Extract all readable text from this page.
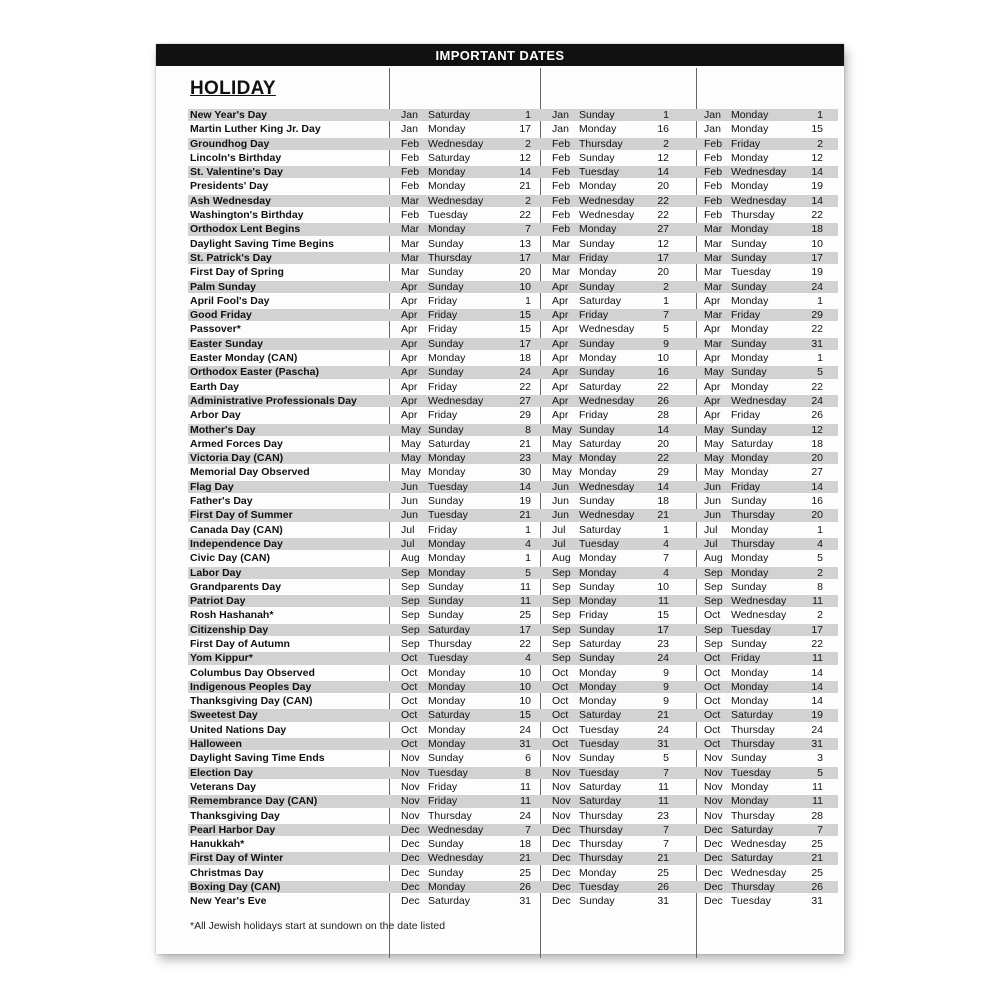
IMPORTANT DATES
HOLIDAY
New Year's Day	Jan Saturday	1 Jan Sunday	1	Jan Monday	1
Martin Luther King Jr. Day	Jan Monday	17 Jan Monday	16	Jan Monday	15
Groundhog Day	Feb Wednesday	2 Feb Thursday	2	Feb Friday	2
Lincoln's Birthday	Feb Saturday	12 Feb Sunday	12	Feb Monday	12
St. Valentine's Day	Feb Monday	14 Feb Tuesday	14	Feb Wednesday	14
Presidents' Day	Feb Monday	21 Feb Monday	20	Feb Monday	19
Ash Wednesday	Mar Wednesday	2 Feb Wednesday	22	Feb Wednesday	14
Washington's Birthday	Feb Tuesday	22 Feb Wednesday	22	Feb Thursday	22
Orthodox Lent Begins	Mar Monday	7 Feb Monday	27	Mar Monday	18
Daylight Saving Time Begins	Mar Sunday	13 Mar Sunday	12	Mar Sunday	10
St. Patrick's Day	Mar Thursday	17 Mar Friday	17	Mar Sunday	17
First Day of Spring	Mar Sunday	20 Mar Monday	20	Mar Tuesday	19
Palm Sunday	Apr	Sunday	10 Apr	Sunday	2	Mar Sunday	24
April Fool's Day	Apr	Friday	1 Apr	Saturday	1	Apr	Monday	1
Good Friday	Apr	Friday	15 Apr	Friday	7	Mar Friday	29
Passover*	Apr	Friday	15 Apr	Wednesday	5	Apr	Monday	22
Easter Sunday	Apr	Sunday	17 Apr	Sunday	9	Mar Sunday	31
Easter Monday (CAN)	Apr	Monday	18 Apr	Monday	10	Apr	Monday	1
Orthodox Easter (Pascha)	Apr	Sunday	24 Apr	Sunday	16	May Sunday	5
Earth Day	Apr	Friday	22 Apr	Saturday	22	Apr	Monday	22
Administrative Professionals Day	Apr	Wednesday	27 Apr	Wednesday	26	Apr	Wednesday	24
Arbor Day	Apr	Friday	29 Apr	Friday	28	Apr	Friday	26
Mother's Day	May Sunday	8 May Sunday	14	May Sunday	12
Armed Forces Day	May Saturday	21 May Saturday	20	May Saturday	18
Victoria Day (CAN)	May Monday	23 May Monday	22	May Monday	20
Memorial Day Observed	May Monday	30 May Monday	29	May Monday	27
Flag Day	Jun Tuesday	14 Jun Wednesday	14	Jun Friday	14
Father's Day	Jun Sunday	19 Jun Sunday	18	Jun Sunday	16
First Day of Summer	Jun Tuesday	21 Jun Wednesday	21	Jun Thursday	20
Canada Day (CAN)	Jul	Friday	1 Jul	Saturday	1	Jul	Monday	1
Independence Day	Jul	Monday	4 Jul	Tuesday	4	Jul	Thursday	4
Civic Day (CAN)	Aug Monday	1 Aug Monday	7	Aug Monday	5
Labor Day	Sep Monday	5 Sep Monday	4	Sep Monday	2
Grandparents Day	Sep Sunday	11 Sep Sunday	10	Sep Sunday	8
Patriot Day	Sep Sunday	11 Sep Monday	11	Sep Wednesday	11
Rosh Hashanah*	Sep Sunday	25 Sep Friday	15	Oct	Wednesday	2
Citizenship Day	Sep Saturday	17 Sep Sunday	17	Sep Tuesday	17
First Day of Autumn	Sep Thursday	22 Sep Saturday	23	Sep Sunday	22
Yom Kippur*	Oct	Tuesday	4 Sep Sunday	24	Oct	Friday	11
Columbus Day Observed	Oct	Monday	10 Oct	Monday	9	Oct	Monday	14
Indigenous Peoples Day	Oct	Monday	10 Oct	Monday	9	Oct	Monday	14
Thanksgiving Day (CAN)	Oct	Monday	10 Oct	Monday	9	Oct	Monday	14
Sweetest Day	Oct	Saturday	15 Oct	Saturday	21	Oct	Saturday	19
United Nations Day	Oct	Monday	24 Oct	Tuesday	24	Oct	Thursday	24
Halloween	Oct	Monday	31 Oct	Tuesday	31	Oct	Thursday	31
Daylight Saving Time Ends	Nov Sunday	6 Nov Sunday	5	Nov Sunday	3
Election Day	Nov Tuesday	8 Nov Tuesday	7	Nov Tuesday	5
Veterans Day	Nov Friday	11 Nov Saturday	11	Nov Monday	11
Remembrance Day (CAN)	Nov Friday	11 Nov Saturday	11	Nov Monday	11
Thanksgiving Day	Nov Thursday	24 Nov Thursday	23	Nov Thursday	28
Pearl Harbor Day	Dec Wednesday	7 Dec Thursday	7	Dec Saturday	7
Hanukkah*	Dec Sunday	18 Dec Thursday	7	Dec Wednesday	25
First Day of Winter	Dec Wednesday	21 Dec Thursday	21	Dec Saturday	21
Christmas Day	Dec Sunday	25 Dec Monday	25	Dec Wednesday	25
Boxing Day (CAN)	Dec Monday	26 Dec Tuesday	26	Dec Thursday	26
New Year's Eve	Dec Saturday	31 Dec Sunday	31	Dec Tuesday	31
*All Jewish holidays start at sundown on the date listed
